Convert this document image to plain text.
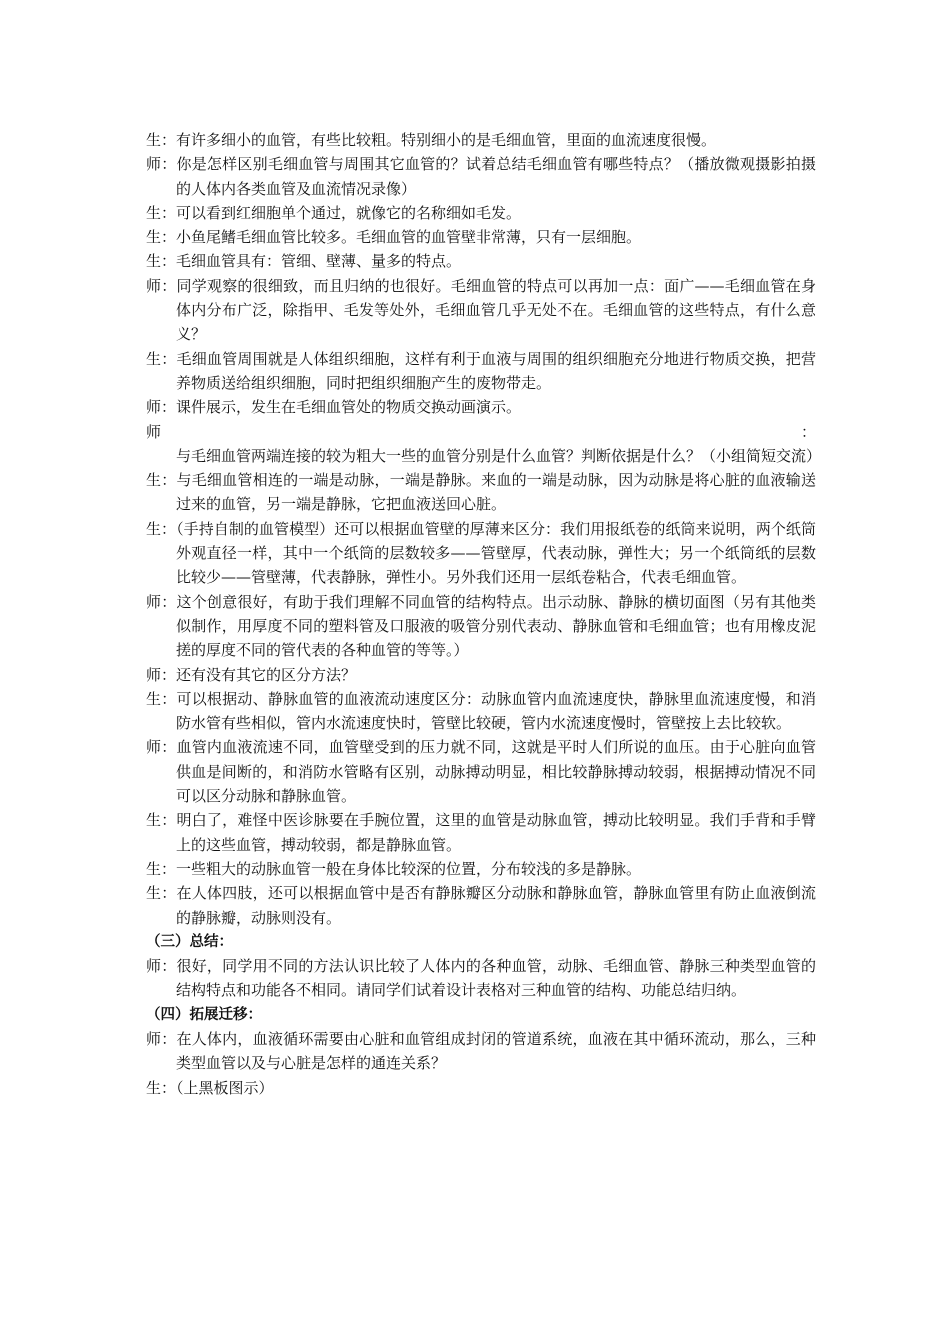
生：有许多细小的血管，有些比较粗。特别细小的是毛细血管，里面的血流速度很慢。

师：你是怎样区别毛细血管与周围其它血管的？试着总结毛细血管有哪些特点？（播放微观摄影拍摄的人体内各类血管及血流情况录像）

生：可以看到红细胞单个通过，就像它的名称细如毛发。

生：小鱼尾鳍毛细血管比较多。毛细血管的血管壁非常薄，只有一层细胞。

生：毛细血管具有：管细、壁薄、量多的特点。

师：同学观察的很细致，而且归纳的也很好。毛细血管的特点可以再加一点：面广——毛细血管在身体内分布广泛，除指甲、毛发等处外，毛细血管几乎无处不在。毛细血管的这些特点，有什么意义？

生：毛细血管周围就是人体组织细胞，这样有利于血液与周围的组织细胞充分地进行物质交换，把营养物质送给组织细胞，同时把组织细胞产生的废物带走。

师：课件展示，发生在毛细血管处的物质交换动画演示。

师：与毛细血管两端连接的较为粗大一些的血管分别是什么血管？判断依据是什么？（小组简短交流）

生：与毛细血管相连的一端是动脉，一端是静脉。来血的一端是动脉，因为动脉是将心脏的血液输送过来的血管，另一端是静脉，它把血液送回心脏。

生：（手持自制的血管模型）还可以根据血管壁的厚薄来区分：我们用报纸卷的纸筒来说明，两个纸筒外观直径一样，其中一个纸筒的层数较多——管壁厚，代表动脉，弹性大；另一个纸筒纸的层数比较少——管壁薄，代表静脉，弹性小。另外我们还用一层纸卷粘合，代表毛细血管。

师：这个创意很好，有助于我们理解不同血管的结构特点。出示动脉、静脉的横切面图（另有其他类似制作，用厚度不同的塑料管及口服液的吸管分别代表动、静脉血管和毛细血管；也有用橡皮泥搓的厚度不同的管代表的各种血管的等等。）

师：还有没有其它的区分方法？

生：可以根据动、静脉血管的血液流动速度区分：动脉血管内血流速度快，静脉里血流速度慢，和消防水管有些相似，管内水流速度快时，管壁比较硬，管内水流速度慢时，管壁按上去比较软。

师：血管内血液流速不同，血管壁受到的压力就不同，这就是平时人们所说的血压。由于心脏向血管供血是间断的，和消防水管略有区别，动脉搏动明显，相比较静脉搏动较弱，根据搏动情况不同可以区分动脉和静脉血管。

生：明白了，难怪中医诊脉要在手腕位置，这里的血管是动脉血管，搏动比较明显。我们手背和手臂上的这些血管，搏动较弱，都是静脉血管。

生：一些粗大的动脉血管一般在身体比较深的位置，分布较浅的多是静脉。

生：在人体四肢，还可以根据血管中是否有静脉瓣区分动脉和静脉血管，静脉血管里有防止血液倒流的静脉瓣，动脉则没有。

（三）总结：

师：很好，同学用不同的方法认识比较了人体内的各种血管，动脉、毛细血管、静脉三种类型血管的结构特点和功能各不相同。请同学们试着设计表格对三种血管的结构、功能总结归纳。

（四）拓展迁移：

师：在人体内，血液循环需要由心脏和血管组成封闭的管道系统，血液在其中循环流动，那么，三种类型血管以及与心脏是怎样的通连关系？

生：（上黑板图示）
